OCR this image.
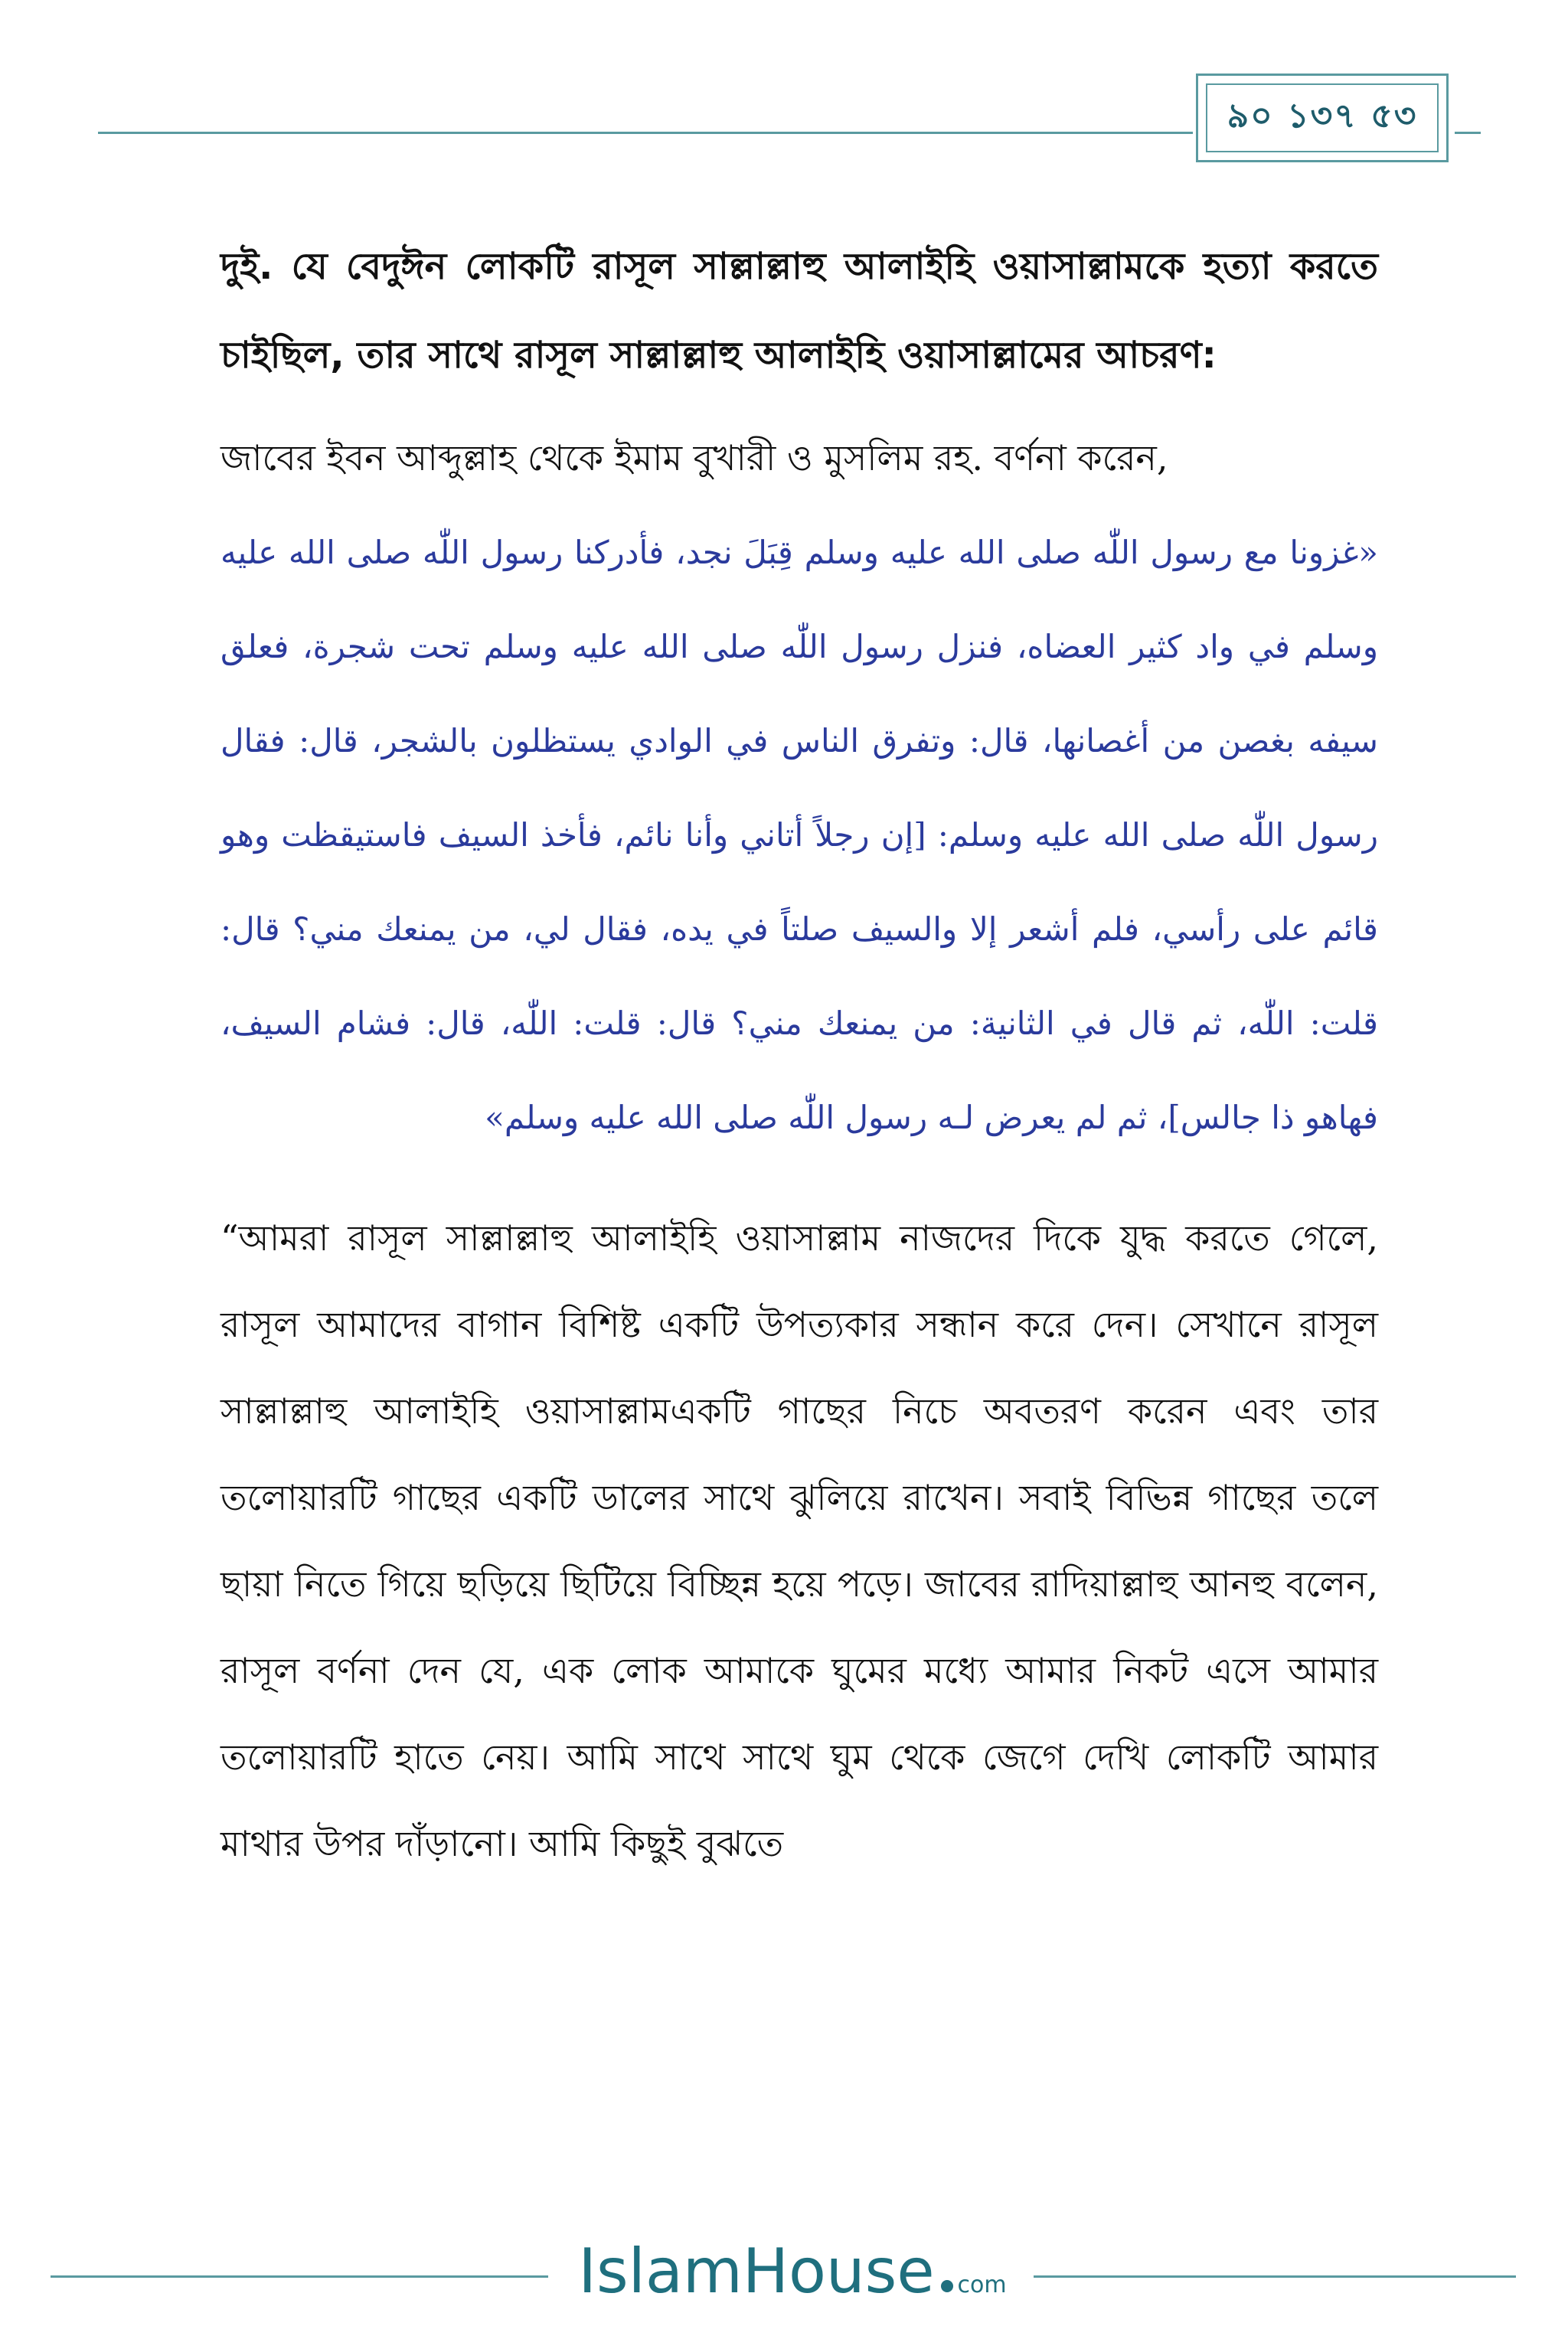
৯০ ১৩৭ ৫৩

দুই. যে বেদুঈন লোকটি রাসূল সাল্লাল্লাহু আলাইহি ওয়াসাল্লামকে হত্যা করতে চাইছিল, তার সাথে রাসূল সাল্লাল্লাহু আলাইহি ওয়াসাল্লামের আচরণ:

জাবের ইবন আব্দুল্লাহ থেকে ইমাম বুখারী ও মুসলিম রহ. বর্ণনা করেন,

«غزونا مع رسول اللّٰه صلى الله عليه وسلم قِبَلَ نجد، فأدركنا رسول اللّٰه صلى الله عليه وسلم في واد كثير العضاه، فنزل رسول اللّٰه صلى الله عليه وسلم تحت شجرة، فعلق سيفه بغصن من أغصانها، قال: وتفرق الناس في الوادي يستظلون بالشجر، قال: فقال رسول اللّٰه صلى الله عليه وسلم: [إن رجلاً أتاني وأنا نائم، فأخذ السيف فاستيقظت وهو قائم على رأسي، فلم أشعر إلا والسيف صلتاً في يده، فقال لي، من يمنعك مني؟ قال: قلت: اللّٰه، ثم قال في الثانية: من يمنعك مني؟ قال: قلت: اللّٰه، قال: فشام السيف، فهاهو ذا جالس]، ثم لم يعرض لـه رسول اللّٰه صلى الله عليه وسلم»

“আমরা রাসূল সাল্লাল্লাহু আলাইহি ওয়াসাল্লাম নাজদের দিকে যুদ্ধ করতে গেলে, রাসূল আমাদের বাগান বিশিষ্ট একটি উপত্যকার সন্ধান করে দেন। সেখানে রাসূল সাল্লাল্লাহু আলাইহি ওয়াসাল্লামএকটি গাছের নিচে অবতরণ করেন এবং তার তলোয়ারটি গাছের একটি ডালের সাথে ঝুলিয়ে রাখেন। সবাই বিভিন্ন গাছের তলে ছায়া নিতে গিয়ে ছড়িয়ে ছিটিয়ে বিচ্ছিন্ন হয়ে পড়ে। জাবের রাদিয়াল্লাহু আনহু বলেন, রাসূল বর্ণনা দেন যে, এক লোক আমাকে ঘুমের মধ্যে আমার নিকট এসে আমার তলোয়ারটি হাতে নেয়। আমি সাথে সাথে ঘুম থেকে জেগে দেখি লোকটি আমার মাথার উপর দাঁড়ানো। আমি কিছুই বুঝতে

IslamHouse com
